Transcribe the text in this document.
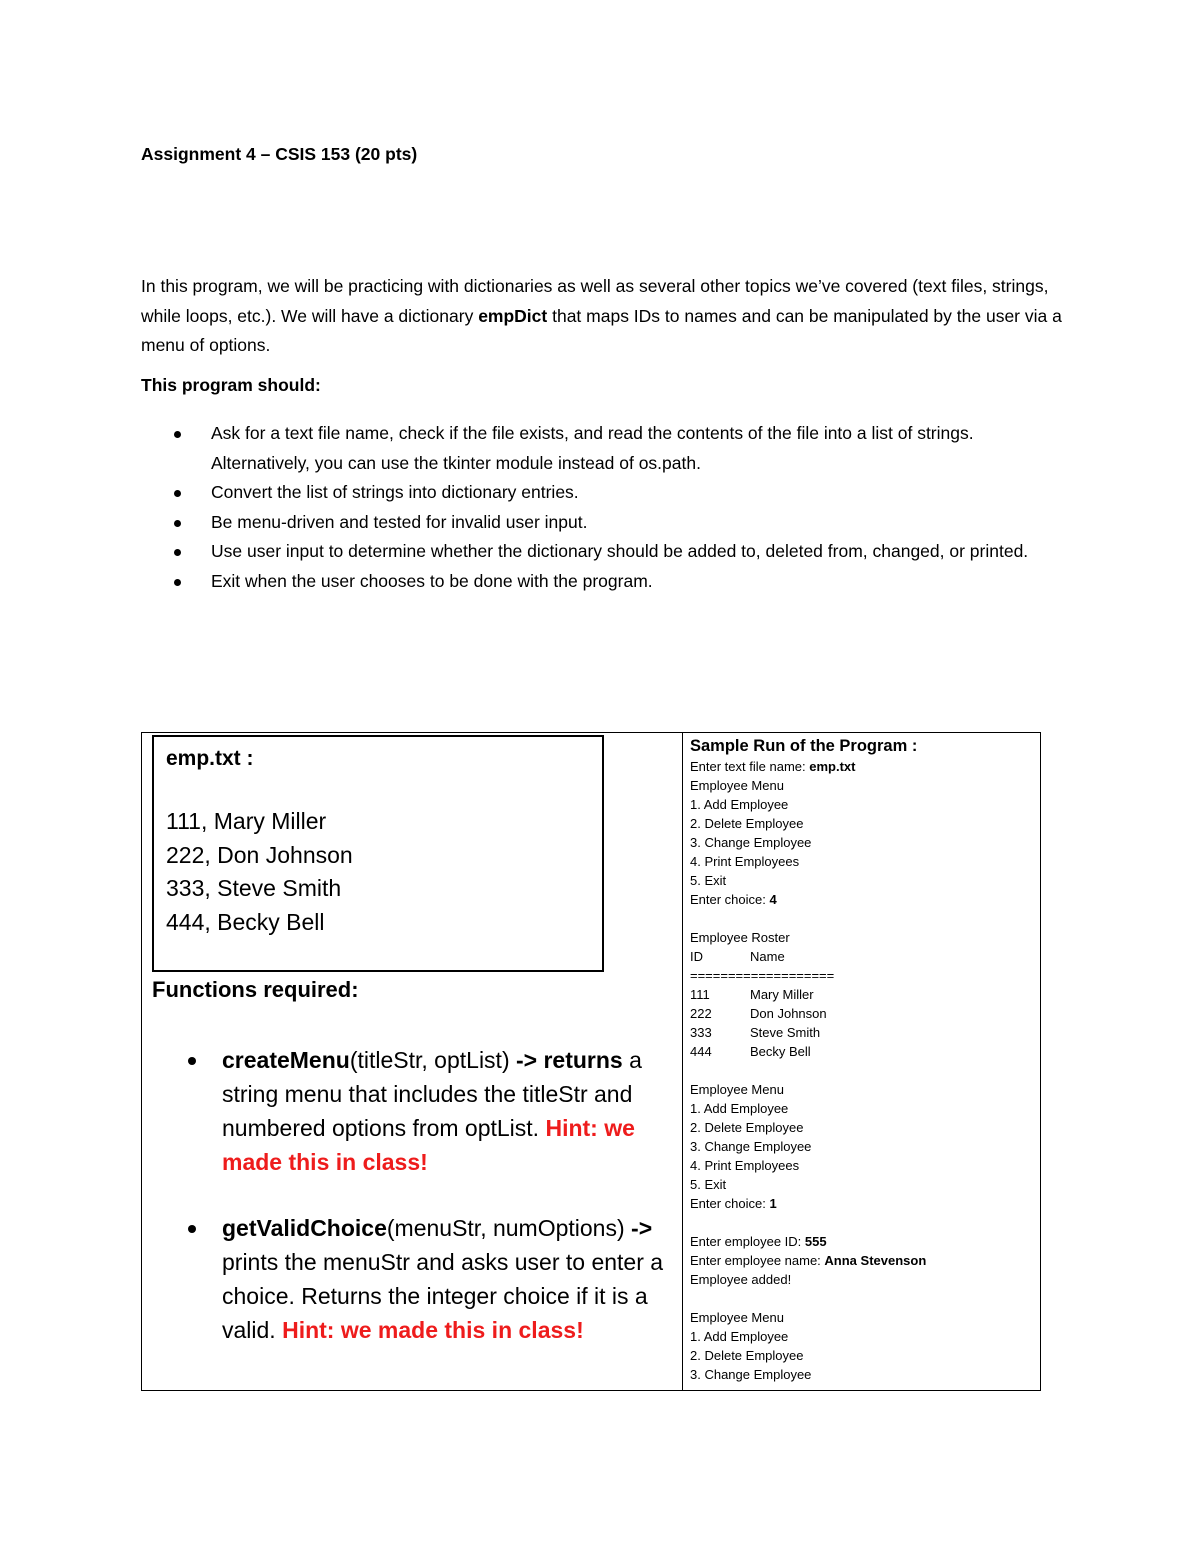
Assignment 4 – CSIS 153 (20 pts)

In this program, we will be practicing with dictionaries as well as several other topics we’ve covered (text files, strings, while loops, etc.). We will have a dictionary empDict that maps IDs to names and can be manipulated by the user via a menu of options.

This program should:

Ask for a text file name, check if the file exists, and read the contents of the file into a list of strings. Alternatively, you can use the tkinter module instead of os.path.
Convert the list of strings into dictionary entries.
Be menu-driven and tested for invalid user input.
Use user input to determine whether the dictionary should be added to, deleted from, changed, or printed.
Exit when the user chooses to be done with the program.
emp.txt :
111, Mary Miller
222, Don Johnson
333, Steve Smith
444, Becky Bell

Functions required:

createMenu(titleStr, optList) -> returns a string menu that includes the titleStr and numbered options from optList. Hint: we made this in class!
getValidChoice(menuStr, numOptions) -> prints the menuStr and asks user to enter a choice. Returns the integer choice if it is a valid. Hint: we made this in class!
Sample Run of the Program :
Enter text file name: emp.txt
Employee Menu
1. Add Employee
2. Delete Employee
3. Change Employee
4. Print Employees
5. Exit
Enter choice: 4
Employee Roster
ID	Name
===================
111	Mary Miller
222	Don Johnson
333	Steve Smith
444	Becky Bell
Employee Menu
1. Add Employee
2. Delete Employee
3. Change Employee
4. Print Employees
5. Exit
Enter choice: 1
Enter employee ID: 555
Enter employee name: Anna Stevenson
Employee added!
Employee Menu
1. Add Employee
2. Delete Employee
3. Change Employee
